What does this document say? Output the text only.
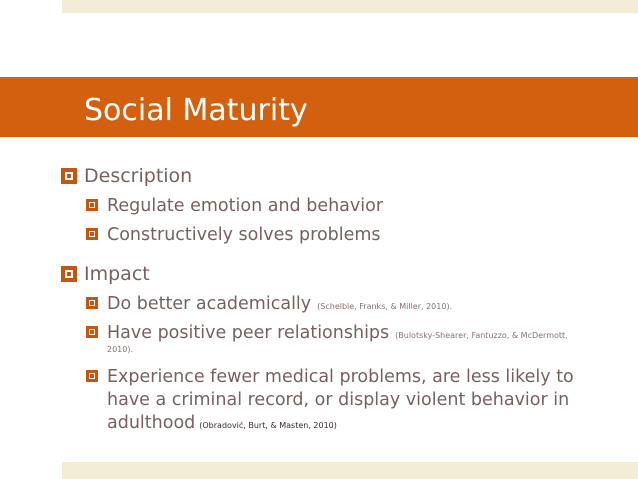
Social Maturity
Description
Regulate emotion and behavior
Constructively solves problems
Impact
Do better academically (Schelble, Franks, & Miller, 2010).
Have positive peer relationships (Bulotsky-Shearer, Fantuzzo, & McDermott,
2010).
Experience fewer medical problems, are less likely to
have a criminal record, or display violent behavior in
adulthood (Obradović, Burt, & Masten, 2010)
